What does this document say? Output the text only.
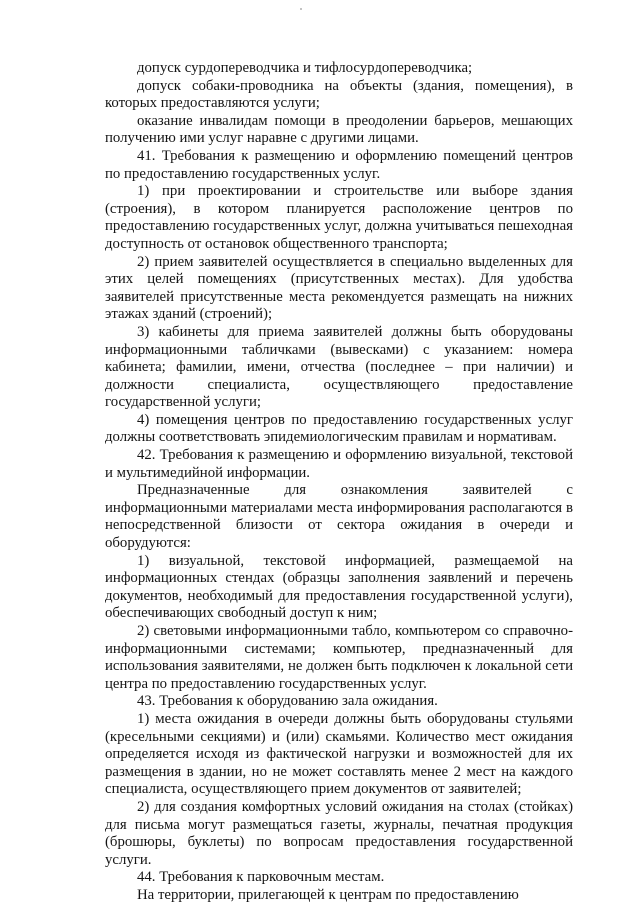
допуск сурдопереводчика и тифлосурдопереводчика;

допуск собаки-проводника на объекты (здания, помещения), в которых предоставляются услуги;

оказание инвалидам помощи в преодолении барьеров, мешающих получению ими услуг наравне с другими лицами.

41. Требования к размещению и оформлению помещений центров по предоставлению государственных услуг.

1) при проектировании и строительстве или выборе здания (строения), в котором планируется расположение центров по предоставлению государственных услуг, должна учитываться пешеходная доступность от остановок общественного транспорта;

2) прием заявителей осуществляется в специально выделенных для этих целей помещениях (присутственных местах). Для удобства заявителей присутственные места рекомендуется размещать на нижних этажах зданий (строений);

3) кабинеты для приема заявителей должны быть оборудованы информационными табличками (вывесками) с указанием: номера кабинета; фамилии, имени, отчества (последнее – при наличии) и должности специалиста, осуществляющего предоставление государственной услуги;

4) помещения центров по предоставлению государственных услуг должны соответствовать эпидемиологическим правилам и нормативам.

42. Требования к размещению и оформлению визуальной, текстовой и мультимедийной информации.

Предназначенные для ознакомления заявителей с информационными материалами места информирования располагаются в непосредственной близости от сектора ожидания в очереди и оборудуются:

1) визуальной, текстовой информацией, размещаемой на информационных стендах (образцы заполнения заявлений и перечень документов, необходимый для предоставления государственной услуги), обеспечивающих свободный доступ к ним;

2) световыми информационными табло, компьютером со справочно-информационными системами; компьютер, предназначенный для использования заявителями, не должен быть подключен к локальной сети центра по предоставлению государственных услуг.

43. Требования к оборудованию зала ожидания.

1) места ожидания в очереди должны быть оборудованы стульями (кресельными секциями) и (или) скамьями. Количество мест ожидания определяется исходя из фактической нагрузки и возможностей для их размещения в здании, но не может составлять менее 2 мест на каждого специалиста, осуществляющего прием документов от заявителей;

2) для создания комфортных условий ожидания на столах (стойках) для письма могут размещаться газеты, журналы, печатная продукция (брошюры, буклеты) по вопросам предоставления государственной услуги.

44. Требования к парковочным местам.

На территории, прилегающей к центрам по предоставлению
